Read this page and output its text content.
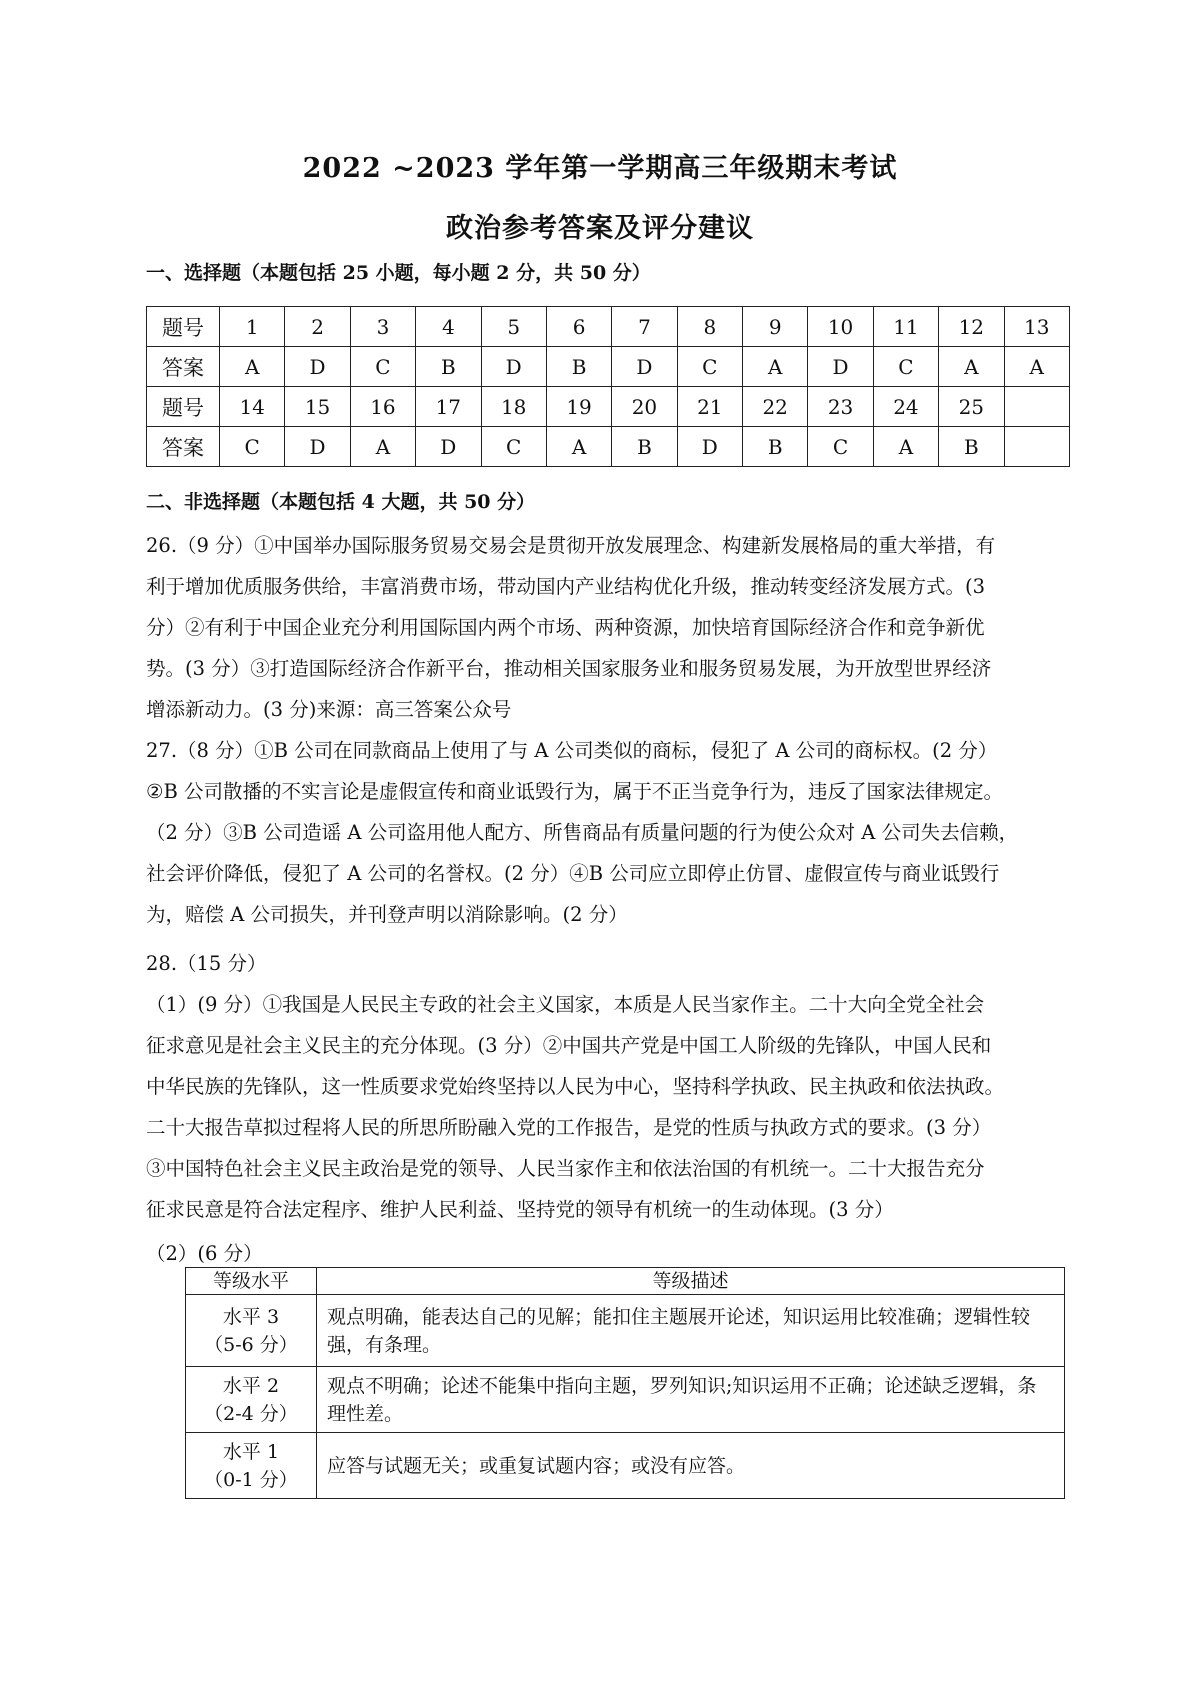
2022 ~2023 学年第一学期高三年级期末考试
政治参考答案及评分建议
一、选择题（本题包括 25 小题，每小题 2 分，共 50 分）
题号	1	2	3	4	5	6	7	8	9	10	11	12	13
答案	A	D	C	B	D	B	D	C	A	D	C	A	A
题号	14	15	16	17	18	19	20	21	22	23	24	25	
答案	C	D	A	D	C	A	B	D	B	C	A	B	
二、非选择题（本题包括 4 大题，共 50 分）
26.（9 分）①中国举办国际服务贸易交易会是贯彻开放发展理念、构建新发展格局的重大举措，有
利于增加优质服务供给，丰富消费市场，带动国内产业结构优化升级，推动转变经济发展方式。(3
分）②有利于中国企业充分利用国际国内两个市场、两种资源，加快培育国际经济合作和竞争新优
势。(3 分）③打造国际经济合作新平台，推动相关国家服务业和服务贸易发展，为开放型世界经济
增添新动力。(3 分)来源：高三答案公众号
27.（8 分）①B 公司在同款商品上使用了与 A 公司类似的商标，侵犯了 A 公司的商标权。(2 分）
②B 公司散播的不实言论是虚假宣传和商业诋毁行为，属于不正当竞争行为，违反了国家法律规定。
（2 分）③B 公司造谣 A 公司盗用他人配方、所售商品有质量问题的行为使公众对 A 公司失去信赖，
社会评价降低，侵犯了 A 公司的名誉权。(2 分）④B 公司应立即停止仿冒、虚假宣传与商业诋毁行
为，赔偿 A 公司损失，并刊登声明以消除影响。(2 分）
28.（15 分）
（1）(9 分）①我国是人民民主专政的社会主义国家，本质是人民当家作主。二十大向全党全社会
征求意见是社会主义民主的充分体现。(3 分）②中国共产党是中国工人阶级的先锋队，中国人民和
中华民族的先锋队，这一性质要求党始终坚持以人民为中心，坚持科学执政、民主执政和依法执政。
二十大报告草拟过程将人民的所思所盼融入党的工作报告，是党的性质与执政方式的要求。(3 分）
③中国特色社会主义民主政治是党的领导、人民当家作主和依法治国的有机统一。二十大报告充分
征求民意是符合法定程序、维护人民利益、坚持党的领导有机统一的生动体现。(3 分）
（2）(6 分）
等级水平	等级描述

水平 3
（5-6 分）	观点明确，能表达自己的见解；能扣住主题展开论述，知识运用比较准确；逻辑性较强，有条理。

水平 2
（2-4 分）	观点不明确；论述不能集中指向主题，罗列知识;知识运用不正确；论述缺乏逻辑，条理性差。

水平 1
（0-1 分）	应答与试题无关；或重复试题内容；或没有应答。
